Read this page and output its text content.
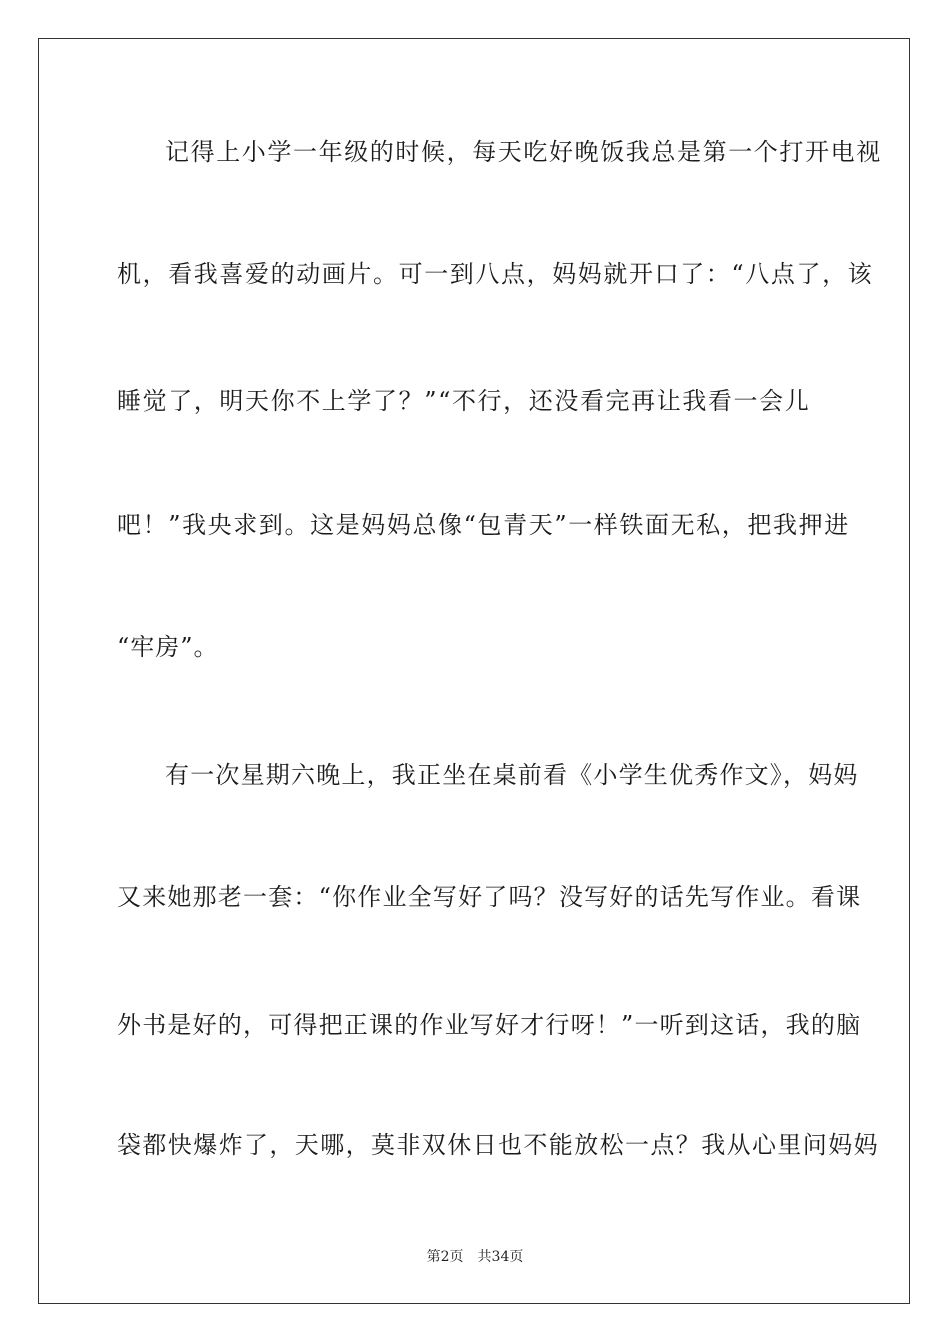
记得上小学一年级的时候，每天吃好晚饭我总是第一个打开电视
机，看我喜爱的动画片。可一到八点，妈妈就开口了：“八点了，该
睡觉了，明天你不上学了？”“不行，还没看完再让我看一会儿
吧！”我央求到。这是妈妈总像“包青天”一样铁面无私，把我押进
“牢房”。
有一次星期六晚上，我正坐在桌前看《小学生优秀作文》，妈妈
又来她那老一套：“你作业全写好了吗？没写好的话先写作业。看课
外书是好的，可得把正课的作业写好才行呀！”一听到这话，我的脑
袋都快爆炸了，天哪，莫非双休日也不能放松一点？我从心里问妈妈
第2页 共34页
